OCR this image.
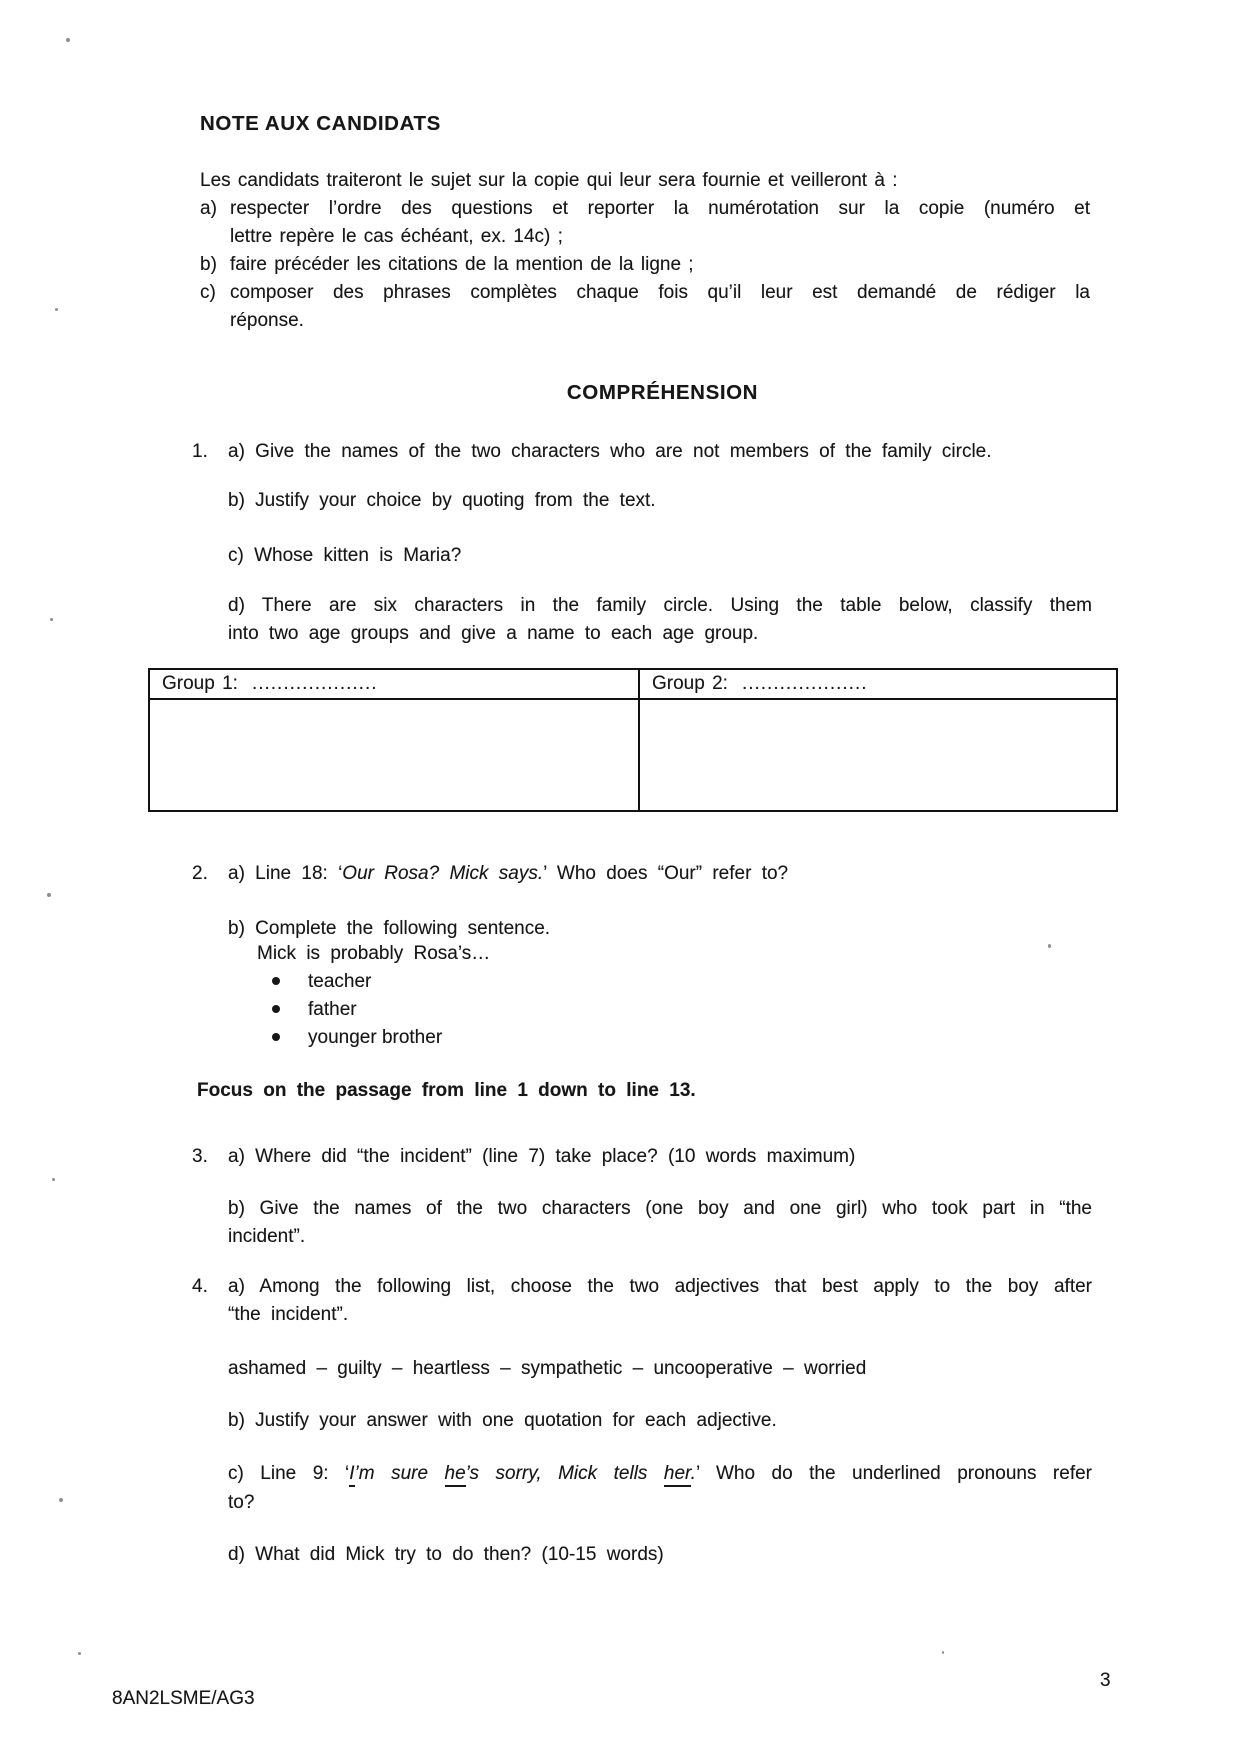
NOTE AUX CANDIDATS
Les candidats traiteront le sujet sur la copie qui leur sera fournie et veilleront à :
a) respecter l’ordre des questions et reporter la numérotation sur la copie (numéro et
lettre repère le cas échéant, ex. 14c) ;
b) faire précéder les citations de la mention de la ligne ;
c) composer des phrases complètes chaque fois qu’il leur est demandé de rédiger la
réponse.
COMPRÉHENSION
1.	a) Give the names of the two characters who are not members of the family circle.
b) Justify your choice by quoting from the text.
c) Whose kitten is Maria?
d) There are six characters in the family circle. Using the table below, classify them
into two age groups and give a name to each age group.
Group 1: ....................	Group 2: ....................
2.	a) Line 18: ‘Our Rosa? Mick says.’ Who does “Our” refer to?
b) Complete the following sentence.
Mick is probably Rosa’s…
teacher
father
younger brother
Focus on the passage from line 1 down to line 13.
3.	a) Where did “the incident” (line 7) take place? (10 words maximum)
b) Give the names of the two characters (one boy and one girl) who took part in “the
incident”.
4.	a) Among the following list, choose the two adjectives that best apply to the boy after
“the incident”.
ashamed – guilty – heartless – sympathetic – uncooperative – worried
b) Justify your answer with one quotation for each adjective.
c) Line 9: ‘I’m sure he’s sorry, Mick tells her.’ Who do the underlined pronouns refer
to?
d) What did Mick try to do then? (10-15 words)
8AN2LSME/AG3
3
